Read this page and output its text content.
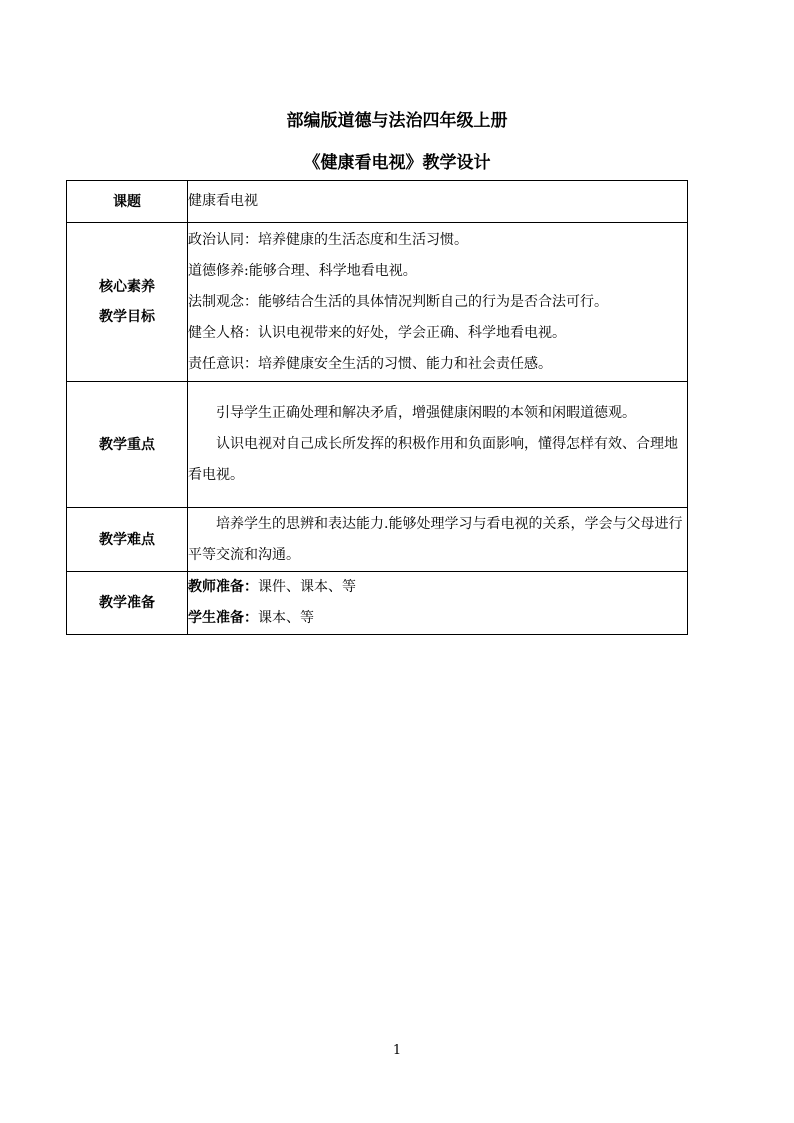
部编版道德与法治四年级上册
《健康看电视》教学设计
课题	健康看电视

核心素养
教学目标	政治认同：培养健康的生活态度和生活习惯。
道德修养:能够合理、科学地看电视。
法制观念：能够结合生活的具体情况判断自己的行为是否合法可行。
健全人格：认识电视带来的好处，学会正确、科学地看电视。
责任意识：培养健康安全生活的习惯、能力和社会责任感。

教学重点	引导学生正确处理和解决矛盾，增强健康闲暇的本领和闲暇道德观。
认识电视对自己成长所发挥的积极作用和负面影响，懂得怎样有效、合理地看电视。

教学难点	培养学生的思辨和表达能力.能够处理学习与看电视的关系，学会与父母进行平等交流和沟通。

教学准备	教师准备：课件、课本、等
学生准备：课本、等
1
